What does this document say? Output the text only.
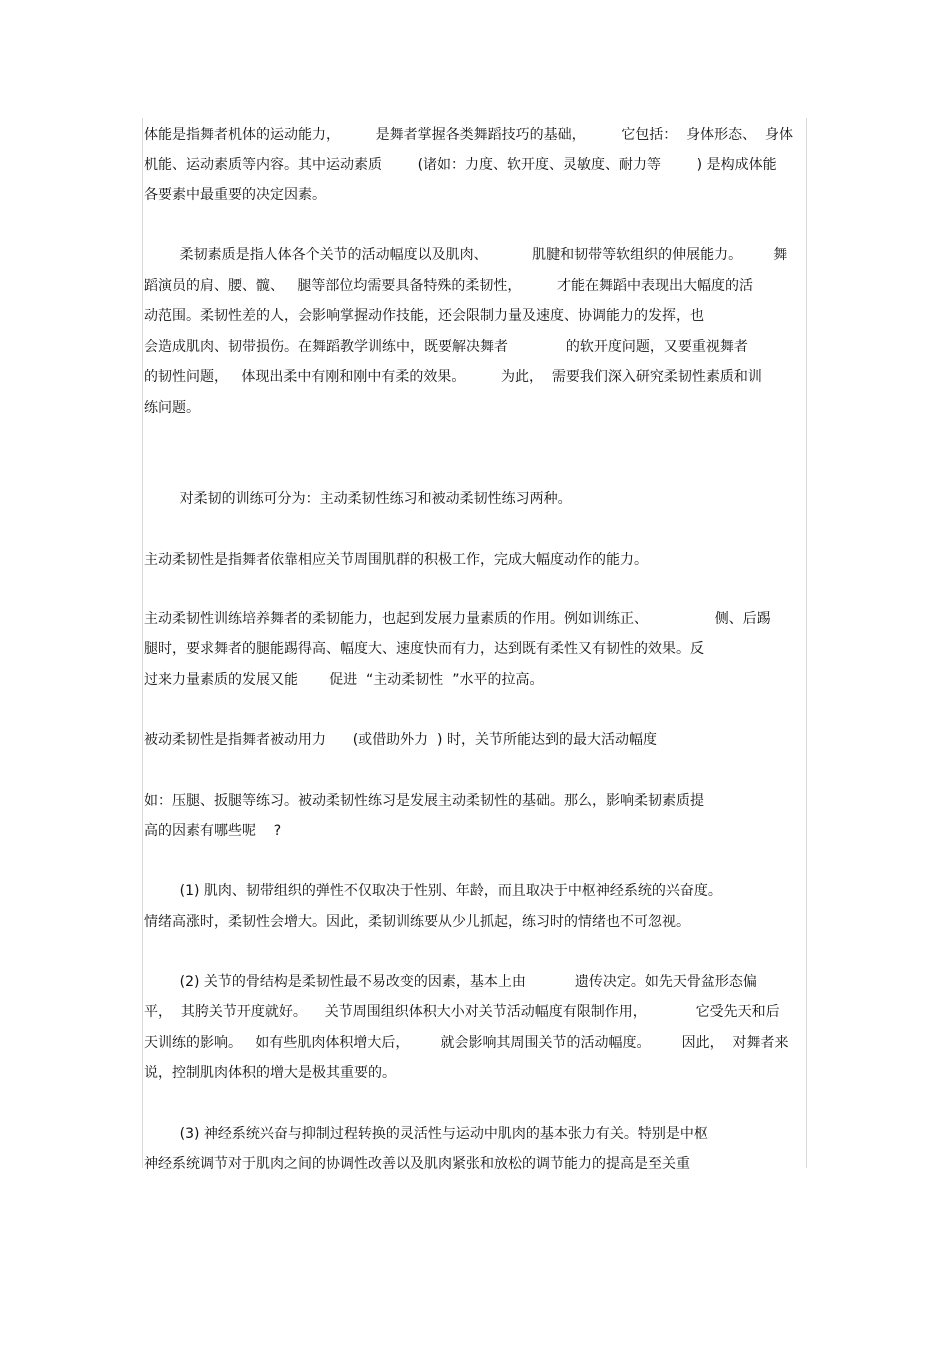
体能是指舞者机体的运动能力，        是舞者掌握各类舞蹈技巧的基础，        它包括：  身体形态、  身体
机能、运动素质等内容。其中运动素质        (诸如：力度、软开度、灵敏度、耐力等        ) 是构成体能
各要素中最重要的决定因素。
柔韧素质是指人体各个关节的活动幅度以及肌肉、          肌腱和韧带等软组织的伸展能力。       舞
蹈演员的肩、腰、髋、   腿等部位均需要具备特殊的柔韧性，        才能在舞蹈中表现出大幅度的活
动范围。柔韧性差的人，会影响掌握动作技能，还会限制力量及速度、协调能力的发挥，也
会造成肌肉、韧带损伤。在舞蹈教学训练中，既要解决舞者             的软开度问题，又要重视舞者
的韧性问题，   体现出柔中有刚和刚中有柔的效果。        为此，  需要我们深入研究柔韧性素质和训
练问题。
对柔韧的训练可分为：主动柔韧性练习和被动柔韧性练习两种。
主动柔韧性是指舞者依靠相应关节周围肌群的积极工作，完成大幅度动作的能力。
主动柔韧性训练培养舞者的柔韧能力，也起到发展力量素质的作用。例如训练正、               侧、后踢
腿时，要求舞者的腿能踢得高、幅度大、速度快而有力，达到既有柔性又有韧性的效果。反
过来力量素质的发展又能       促进  “主动柔韧性  ”水平的拉高。
被动柔韧性是指舞者被动用力      (或借助外力  ) 时，关节所能达到的最大活动幅度
如：压腿、扳腿等练习。被动柔韧性练习是发展主动柔韧性的基础。那么，影响柔韧素质提
高的因素有哪些呢    ?
(1) 肌肉、韧带组织的弹性不仅取决于性别、年龄，而且取决于中枢神经系统的兴奋度。
情绪高涨时，柔韧性会增大。因此，柔韧训练要从少儿抓起，练习时的情绪也不可忽视。
(2) 关节的骨结构是柔韧性最不易改变的因素，基本上由           遗传决定。如先天骨盆形态偏
平，  其胯关节开度就好。    关节周围组织体积大小对关节活动幅度有限制作用，           它受先天和后
天训练的影响。   如有些肌肉体积增大后，       就会影响其周围关节的活动幅度。       因此，  对舞者来
说，控制肌肉体积的增大是极其重要的。
(3) 神经系统兴奋与抑制过程转换的灵活性与运动中肌肉的基本张力有关。特别是中枢
神经系统调节对于肌肉之间的协调性改善以及肌肉紧张和放松的调节能力的提高是至关重
